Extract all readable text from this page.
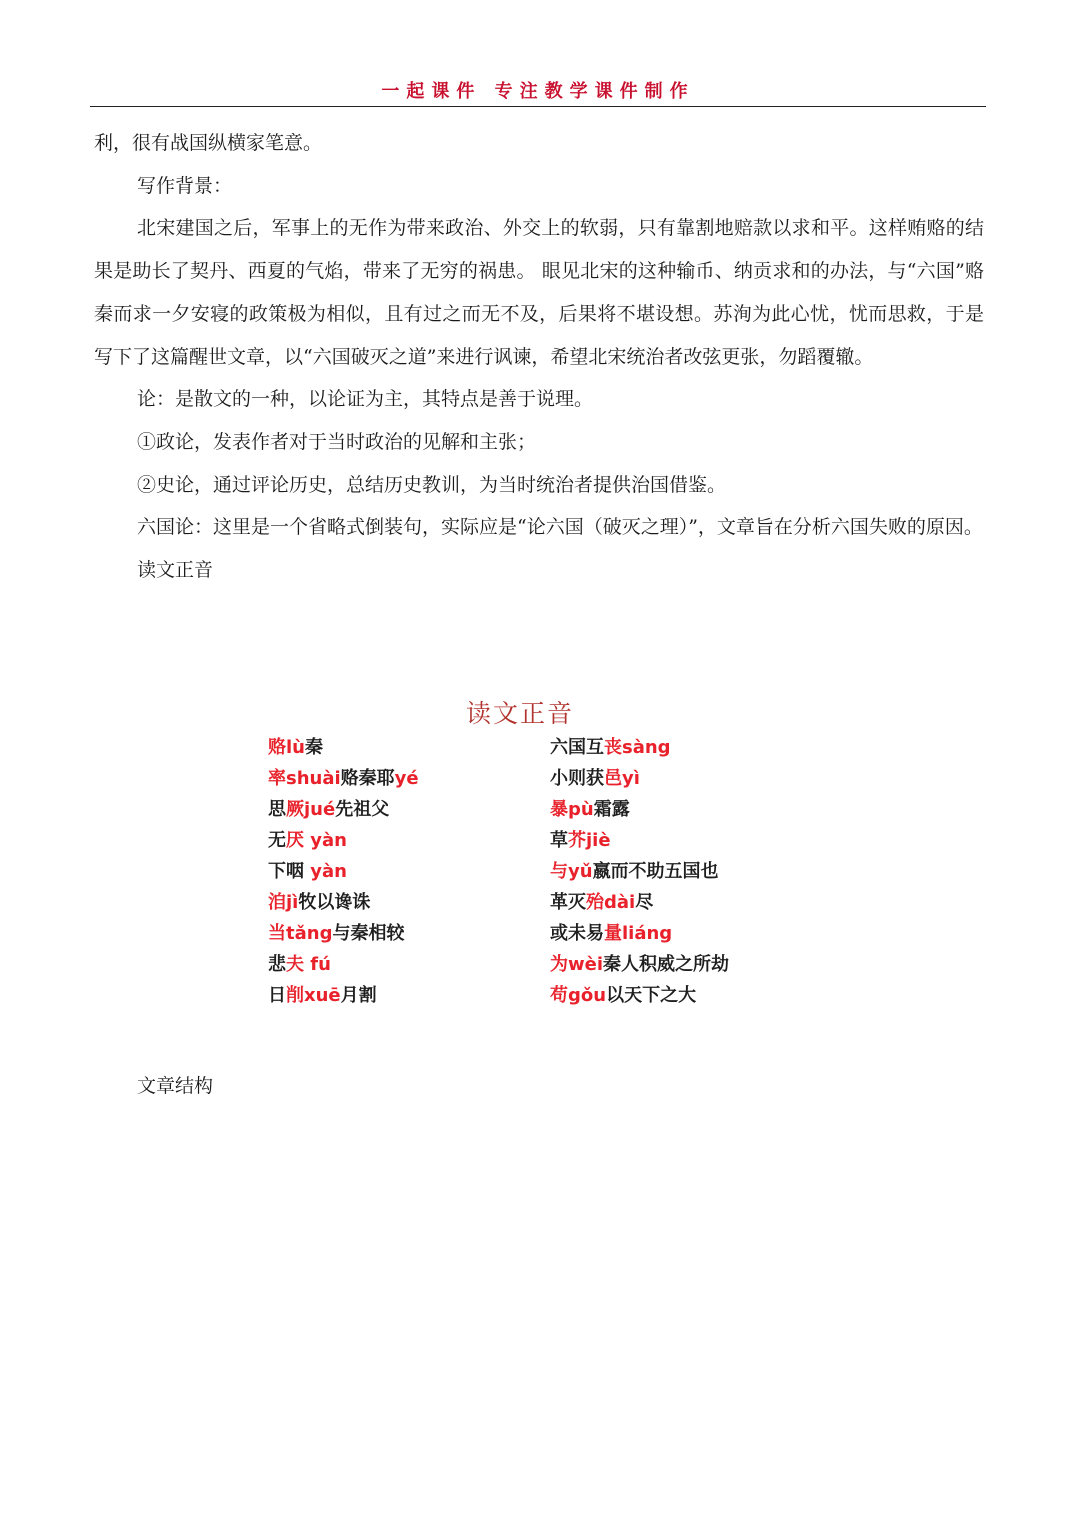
一起课件 专注教学课件制作

利，很有战国纵横家笔意。

写作背景：

北宋建国之后，军事上的无作为带来政治、外交上的软弱，只有靠割地赔款以求和平。这样贿赂的结果是助长了契丹、西夏的气焰，带来了无穷的祸患。 眼见北宋的这种输币、纳贡求和的办法，与“六国”赂秦而求一夕安寝的政策极为相似，且有过之而无不及，后果将不堪设想。苏洵为此心忧，忧而思救，于是写下了这篇醒世文章，以“六国破灭之道”来进行讽谏，希望北宋统治者改弦更张，勿蹈覆辙。

论：是散文的一种，以论证为主，其特点是善于说理。

①政论，发表作者对于当时政治的见解和主张；

②史论，通过评论历史，总结历史教训，为当时统治者提供治国借鉴。

六国论：这里是一个省略式倒装句，实际应是“论六国（破灭之理）”，文章旨在分析六国失败的原因。

读文正音

读文正音
赂lù秦
率shuài赂秦耶yé
思厥jué先祖父
无厌 yàn
下咽 yàn
洎jì牧以谗诛
当tǎng与秦相较
悲夫 fú
日削xuē月割
六国互丧sàng
小则获邑yì
暴pù霜露
草芥jiè
与yǔ嬴而不助五国也
革灭殆dài尽
或未易量liáng
为wèi秦人积威之所劫
苟gǒu以天下之大
文章结构
